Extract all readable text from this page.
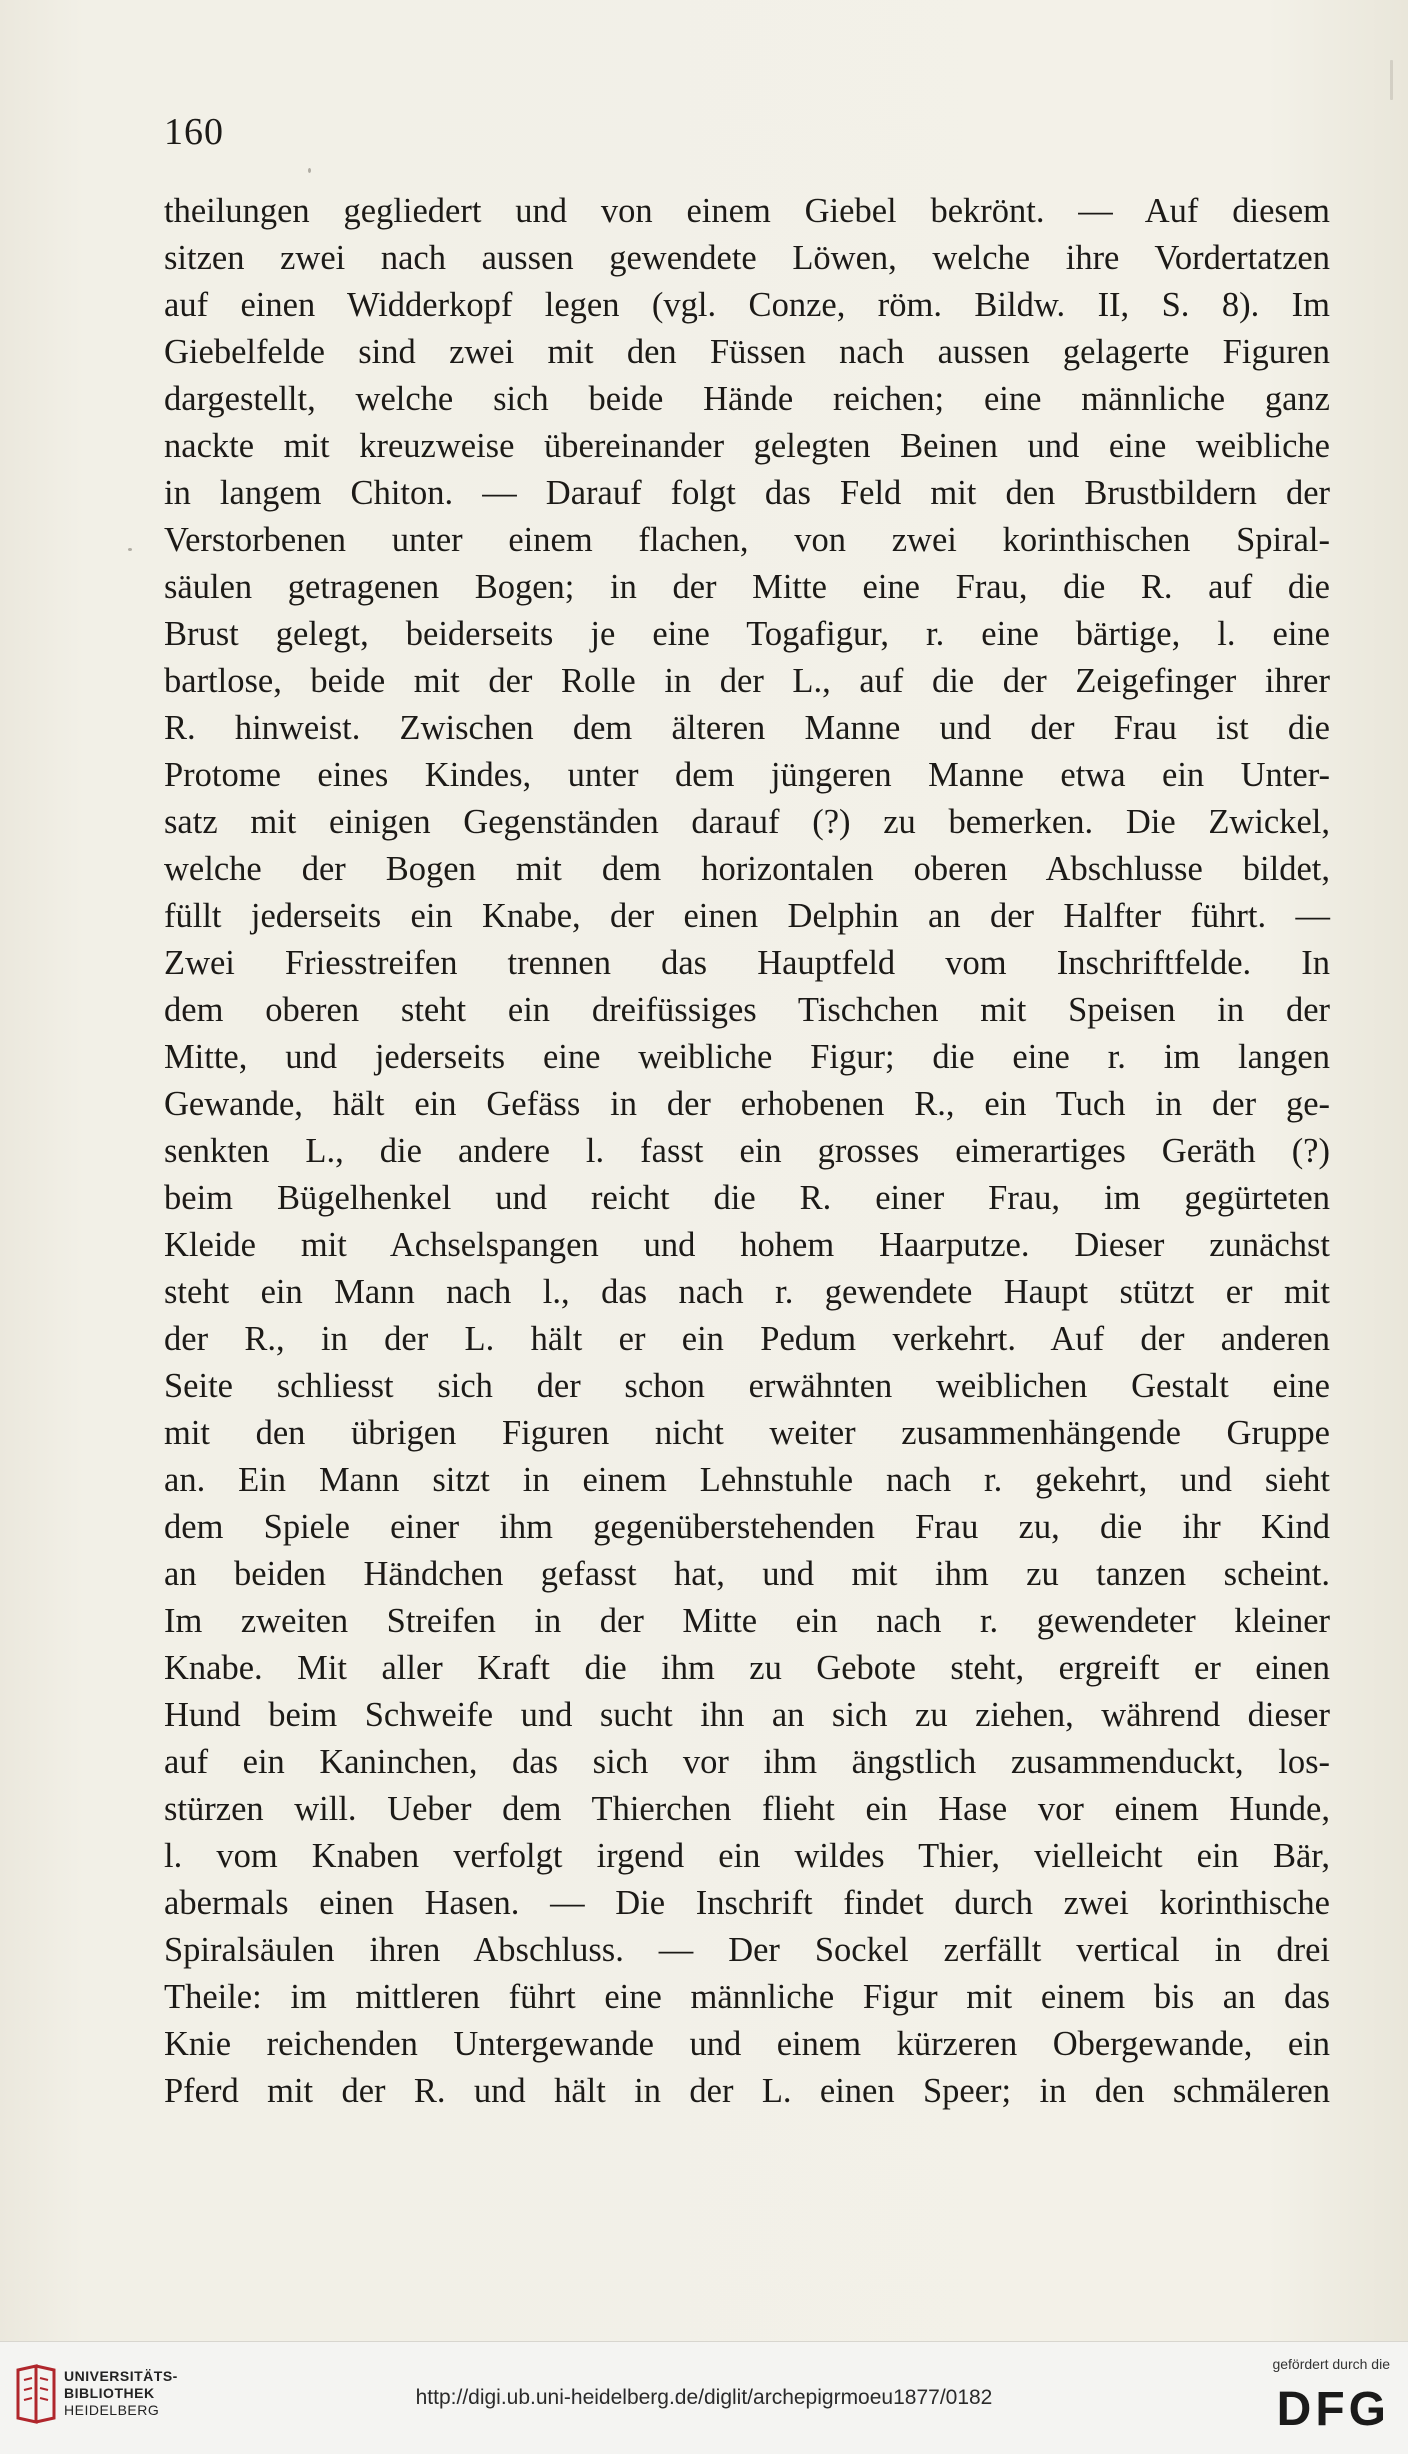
160
theilungen gegliedert und von einem Giebel bekrönt. — Auf diesem
sitzen zwei nach aussen gewendete Löwen, welche ihre Vordertatzen
auf einen Widderkopf legen (vgl. Conze, röm. Bildw. II, S. 8). Im
Giebelfelde sind zwei mit den Füssen nach aussen gelagerte Figuren
dargestellt, welche sich beide Hände reichen; eine männliche ganz
nackte mit kreuzweise übereinander gelegten Beinen und eine weibliche
in langem Chiton. — Darauf folgt das Feld mit den Brustbildern der
Verstorbenen unter einem flachen, von zwei korinthischen Spiral-
säulen getragenen Bogen; in der Mitte eine Frau, die R. auf die
Brust gelegt, beiderseits je eine Togafigur, r. eine bärtige, l. eine
bartlose, beide mit der Rolle in der L., auf die der Zeigefinger ihrer
R. hinweist. Zwischen dem älteren Manne und der Frau ist die
Protome eines Kindes, unter dem jüngeren Manne etwa ein Unter-
satz mit einigen Gegenständen darauf (?) zu bemerken. Die Zwickel,
welche der Bogen mit dem horizontalen oberen Abschlusse bildet,
füllt jederseits ein Knabe, der einen Delphin an der Halfter führt. —
Zwei Friesstreifen trennen das Hauptfeld vom Inschriftfelde. In
dem oberen steht ein dreifüssiges Tischchen mit Speisen in der
Mitte, und jederseits eine weibliche Figur; die eine r. im langen
Gewande, hält ein Gefäss in der erhobenen R., ein Tuch in der ge-
senkten L., die andere l. fasst ein grosses eimerartiges Geräth (?)
beim Bügelhenkel und reicht die R. einer Frau, im gegürteten
Kleide mit Achselspangen und hohem Haarputze. Dieser zunächst
steht ein Mann nach l., das nach r. gewendete Haupt stützt er mit
der R., in der L. hält er ein Pedum verkehrt. Auf der anderen
Seite schliesst sich der schon erwähnten weiblichen Gestalt eine
mit den übrigen Figuren nicht weiter zusammenhängende Gruppe
an. Ein Mann sitzt in einem Lehnstuhle nach r. gekehrt, und sieht
dem Spiele einer ihm gegenüberstehenden Frau zu, die ihr Kind
an beiden Händchen gefasst hat, und mit ihm zu tanzen scheint.
Im zweiten Streifen in der Mitte ein nach r. gewendeter kleiner
Knabe. Mit aller Kraft die ihm zu Gebote steht, ergreift er einen
Hund beim Schweife und sucht ihn an sich zu ziehen, während dieser
auf ein Kaninchen, das sich vor ihm ängstlich zusammenduckt, los-
stürzen will. Ueber dem Thierchen flieht ein Hase vor einem Hunde,
l. vom Knaben verfolgt irgend ein wildes Thier, vielleicht ein Bär,
abermals einen Hasen. — Die Inschrift findet durch zwei korinthische
Spiralsäulen ihren Abschluss. — Der Sockel zerfällt vertical in drei
Theile: im mittleren führt eine männliche Figur mit einem bis an das
Knie reichenden Untergewande und einem kürzeren Obergewande, ein
Pferd mit der R. und hält in der L. einen Speer; in den schmäleren
UNIVERSITÄTS-
BIBLIOTHEK
HEIDELBERG
http://digi.ub.uni-heidelberg.de/diglit/archepigrmoeu1877/0182
gefördert durch die
DFG
